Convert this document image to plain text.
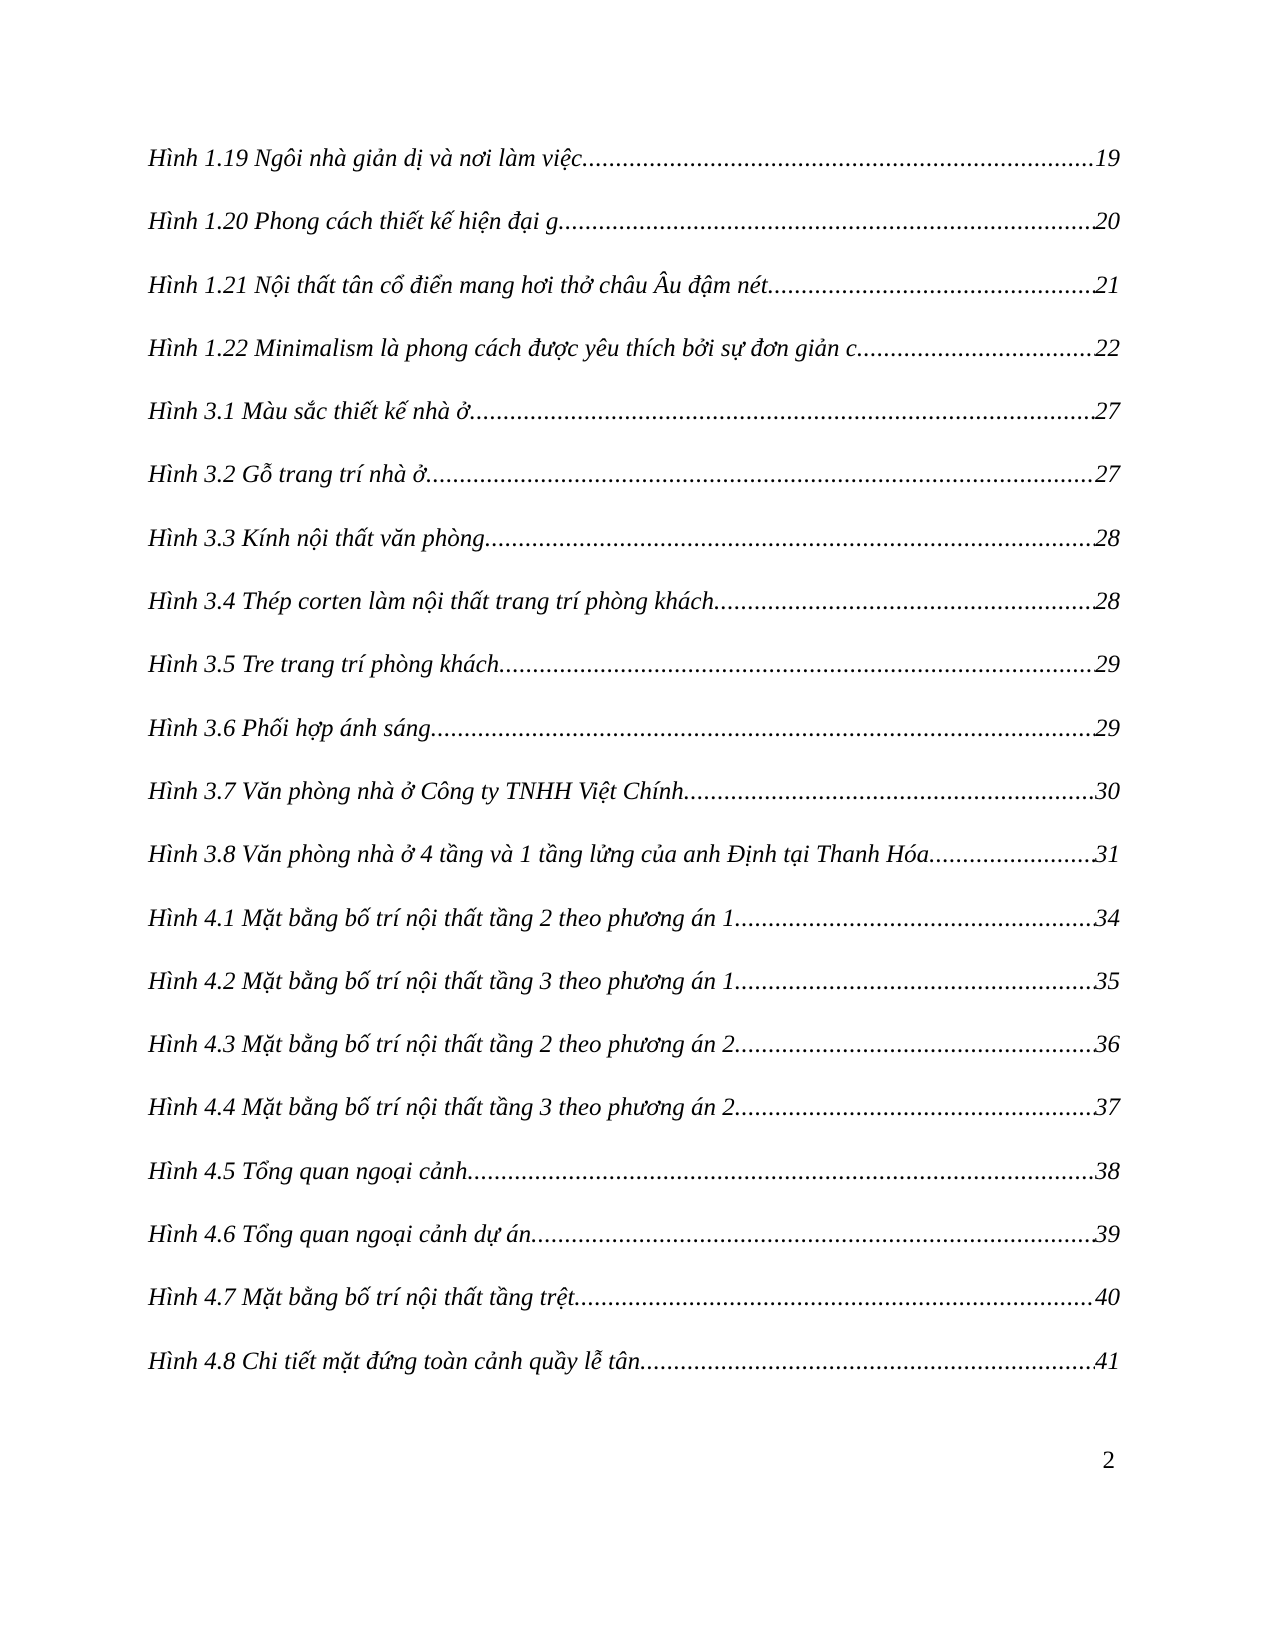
Hình 1.19 Ngôi nhà giản dị và nơi làm việc .....	19
Hình 1.20 Phong cách thiết kế hiện đại g .....	20
Hình 1.21 Nội thất tân cổ điển mang hơi thở châu Âu đậm nét .....	21
Hình 1.22 Minimalism là phong cách được yêu thích bởi sự đơn giản c .....	22
Hình 3.1 Màu sắc thiết kế nhà ở .....	27
Hình 3.2 Gỗ trang trí nhà ở .....	27
Hình 3.3 Kính nội thất văn phòng .....	28
Hình 3.4 Thép corten làm nội thất trang trí phòng khách .....	28
Hình 3.5 Tre trang trí phòng khách .....	29
Hình 3.6 Phối hợp ánh sáng .....	29
Hình 3.7 Văn phòng nhà ở Công ty TNHH Việt Chính .....	30
Hình 3.8 Văn phòng nhà ở 4 tầng và 1 tầng lửng của anh Định tại Thanh Hóa .....	31
Hình 4.1 Mặt bằng bố trí nội thất tầng 2 theo phương án 1 .....	34
Hình 4.2 Mặt bằng bố trí nội thất tầng 3 theo phương án 1 .....	35
Hình 4.3 Mặt bằng bố trí nội thất tầng 2 theo phương án 2 .....	36
Hình 4.4 Mặt bằng bố trí nội thất tầng 3 theo phương án 2 .....	37
Hình 4.5 Tổng quan ngoại cảnh .....	38
Hình 4.6 Tổng quan ngoại cảnh dự án .....	39
Hình 4.7 Mặt bằng bố trí nội thất tầng trệt .....	40
Hình 4.8 Chi tiết mặt đứng toàn cảnh quầy lễ tân .....	41
2
